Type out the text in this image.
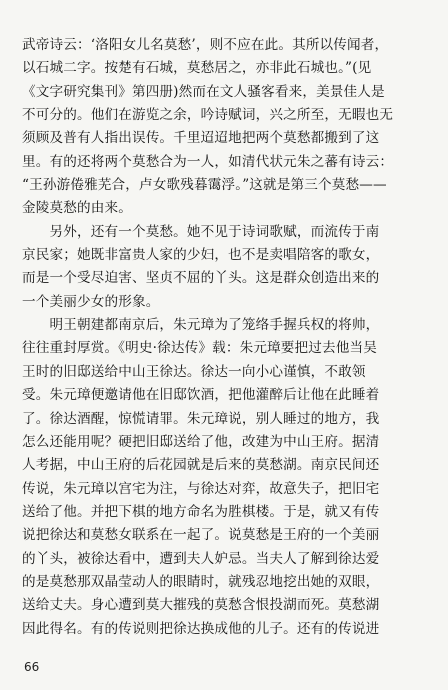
武帝诗云：‘洛阳女儿名莫愁’，则不应在此。其所以传闻者，
以石城二字。按楚有石城，莫愁居之，亦非此石城也。”(见
《文字研究集刊》第四册)然而在文人骚客看来，美景佳人是
不可分的。他们在游览之余，吟诗赋词，兴之所至，无暇也无
须顾及普有人指出误传。千里迢迢地把两个莫愁都搬到了这
里。有的还将两个莫愁合为一人，如清代状元朱之蕃有诗云：
“王孙游倦雅芜合，卢女歌残暮霭浮。”这就是第三个莫愁——
金陵莫愁的由来。
　　另外，还有一个莫愁。她不见于诗词歌赋，而流传于南
京民家；她既非富贵人家的少妇，也不是卖唱陪客的歌女，
而是一个受尽迫害、坚贞不屈的丫头。这是群众创造出来的
一个美丽少女的形象。
　　明王朝建都南京后，朱元璋为了笼络手握兵权的将帅，
往往重封厚赏。《明史·徐达传》载：朱元璋要把过去他当吴
王时的旧邸送给中山王徐达。徐达一向小心谨慎，不敢领
受。朱元璋便邀请他在旧邸饮酒，把他灌醉后让他在此睡着
了。徐达酒醒，惊慌请罪。朱元璋说，别人睡过的地方，我
怎么还能用呢？硬把旧邸送给了他，改建为中山王府。据清
人考据，中山王府的后花园就是后来的莫愁湖。南京民间还
传说，朱元璋以宫宅为注，与徐达对弈，故意失子，把旧宅
送给了他。并把下棋的地方命名为胜棋楼。于是，就又有传
说把徐达和莫愁女联系在一起了。说莫愁是王府的一个美丽
的丫头，被徐达看中，遭到夫人妒忌。当夫人了解到徐达爱
的是莫愁那双晶莹动人的眼睛时，就残忍地挖出她的双眼，
送给丈夫。身心遭到莫大摧残的莫愁含恨投湖而死。莫愁湖
因此得名。有的传说则把徐达换成他的儿子。还有的传说进
66
